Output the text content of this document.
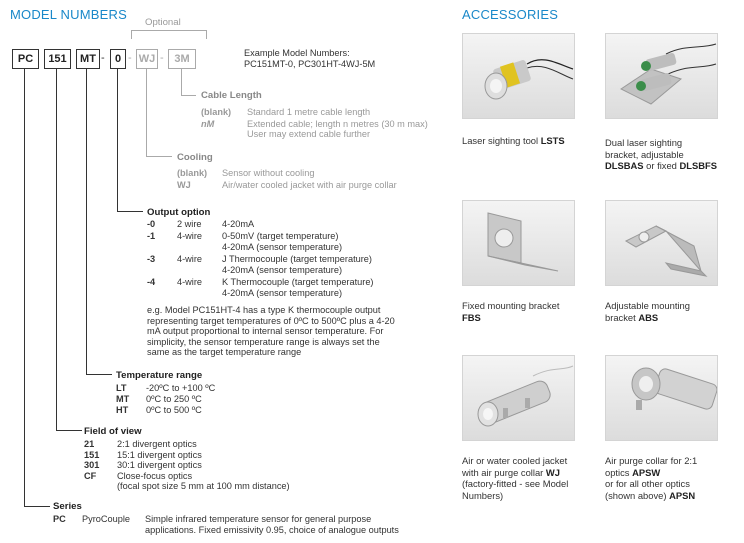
MODEL NUMBERS
Optional
PC	151	MT - 0 - WJ - 3M	Example Model Numbers:
PC151MT-0, PC301HT-4WJ-5M
Cable Length
(blank) Standard 1 metre cable length
nM	Extended cable; length n metres (30 m max)
User may extend cable further
Cooling
(blank) Sensor without cooling
WJ	Air/water cooled jacket with air purge collar
Output option
-0 2 wire 4-20mA
-1 4-wire 0-50mV (target temperature)
4-20mA (sensor temperature)
-3 4-wire J Thermocouple (target temperature)
4-20mA (sensor temperature)
-4 4-wire K Thermocouple (target temperature)
4-20mA (sensor temperature)
e.g. Model PC151HT-4 has a type K thermocouple output
representing target temperatures of 0ºC to 500ºC plus a 4-20
mA output proportional to internal sensor temperature. For
simplicity, the sensor temperature range is always set the
same as the target temperature range
Temperature range
LT -20ºC to +100 ºC
MT 0ºC to 250 ºC
HT 0ºC to 500 ºC
Field of view
21 2:1 divergent optics
151 15:1 divergent optics
301 30:1 divergent optics
CF Close-focus optics
(focal spot size 5 mm at 100 mm distance)
Series
PC PyroCouple Simple infrared temperature sensor for general purpose
applications. Fixed emissivity 0.95, choice of analogue outputs
ACCESSORIES
Laser sighting tool LSTS	Dual laser sighting
bracket, adjustable
DLSBAS or fixed DLSBFS
Fixed mounting bracket
FBS
Adjustable mounting
bracket ABS
Air or water cooled jacket
with air purge collar WJ
(factory-fitted - see Model
Numbers)
Air purge collar for 2:1
optics APSW
or for all other optics
(shown above) APSN
